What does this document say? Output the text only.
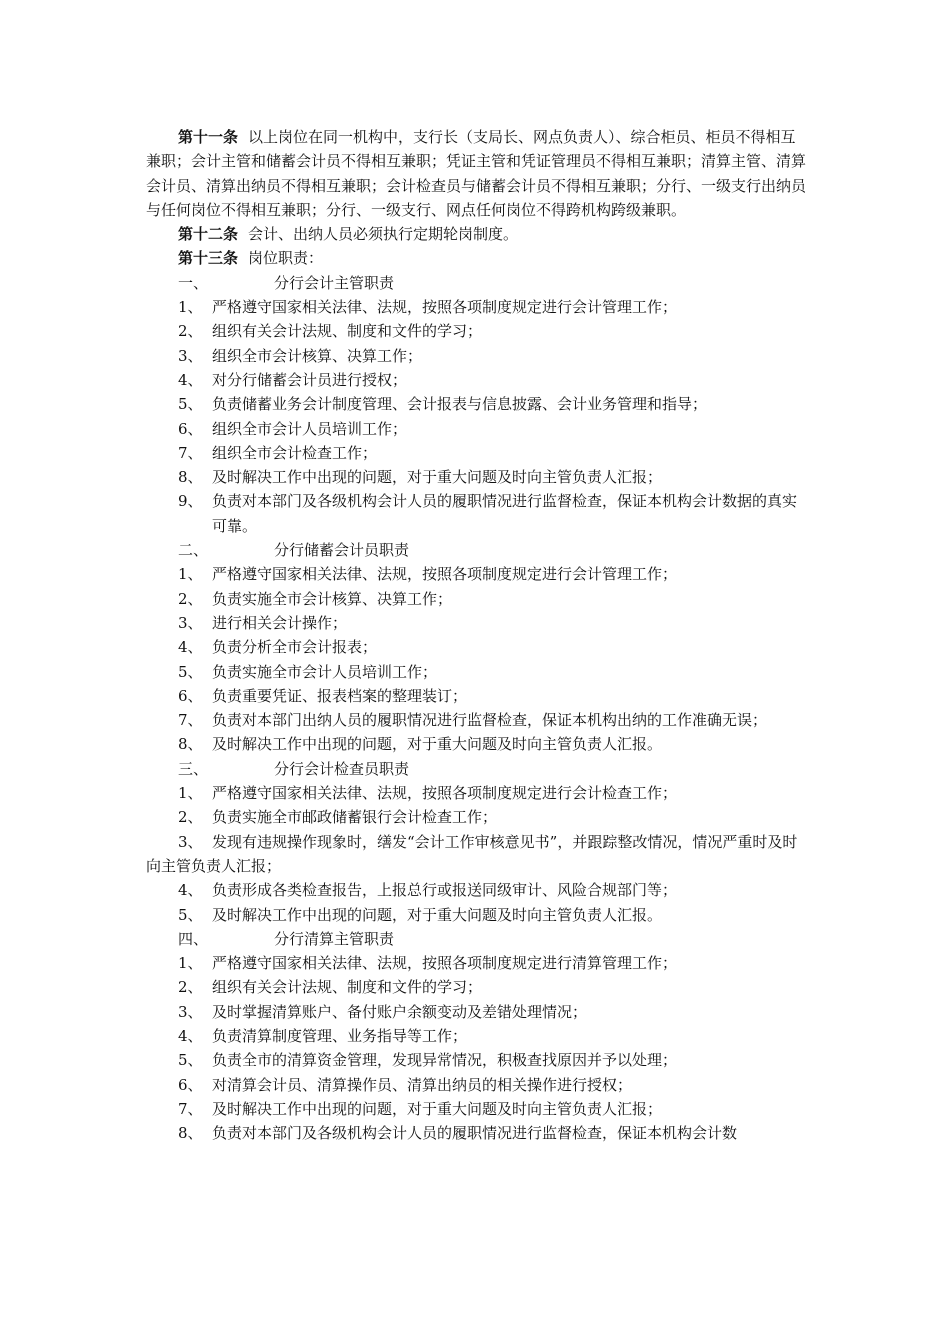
第十一条 以上岗位在同一机构中，支行长（支局长、网点负责人）、综合柜员、柜员不得相互兼职；会计主管和储蓄会计员不得相互兼职；凭证主管和凭证管理员不得相互兼职；清算主管、清算会计员、清算出纳员不得相互兼职；会计检查员与储蓄会计员不得相互兼职；分行、一级支行出纳员与任何岗位不得相互兼职；分行、一级支行、网点任何岗位不得跨机构跨级兼职。

第十二条 会计、出纳人员必须执行定期轮岗制度。

第十三条 岗位职责：

一、	分行会计主管职责

1、 严格遵守国家相关法律、法规，按照各项制度规定进行会计管理工作；

2、 组织有关会计法规、制度和文件的学习；

3、 组织全市会计核算、决算工作；

4、 对分行储蓄会计员进行授权；

5、 负责储蓄业务会计制度管理、会计报表与信息披露、会计业务管理和指导；

6、 组织全市会计人员培训工作；

7、 组织全市会计检查工作；

8、 及时解决工作中出现的问题，对于重大问题及时向主管负责人汇报；

9、 负责对本部门及各级机构会计人员的履职情况进行监督检查，保证本机构会计数据的真实可靠。

二、	分行储蓄会计员职责

1、 严格遵守国家相关法律、法规，按照各项制度规定进行会计管理工作；

2、 负责实施全市会计核算、决算工作；

3、 进行相关会计操作；

4、 负责分析全市会计报表；

5、 负责实施全市会计人员培训工作；

6、 负责重要凭证、报表档案的整理装订；

7、 负责对本部门出纳人员的履职情况进行监督检查，保证本机构出纳的工作准确无误；

8、 及时解决工作中出现的问题，对于重大问题及时向主管负责人汇报。

三、	分行会计检查员职责

1、 严格遵守国家相关法律、法规，按照各项制度规定进行会计检查工作；

2、 负责实施全市邮政储蓄银行会计检查工作；

3、 发现有违规操作现象时，缮发“会计工作审核意见书”，并跟踪整改情况，情况严重时及时向主管负责人汇报；

4、 负责形成各类检查报告，上报总行或报送同级审计、风险合规部门等；

5、 及时解决工作中出现的问题，对于重大问题及时向主管负责人汇报。

四、	分行清算主管职责

1、 严格遵守国家相关法律、法规，按照各项制度规定进行清算管理工作；

2、 组织有关会计法规、制度和文件的学习；

3、 及时掌握清算账户、备付账户余额变动及差错处理情况；

4、 负责清算制度管理、业务指导等工作；

5、 负责全市的清算资金管理，发现异常情况，积极查找原因并予以处理；

6、 对清算会计员、清算操作员、清算出纳员的相关操作进行授权；

7、 及时解决工作中出现的问题，对于重大问题及时向主管负责人汇报；

8、 负责对本部门及各级机构会计人员的履职情况进行监督检查，保证本机构会计数
